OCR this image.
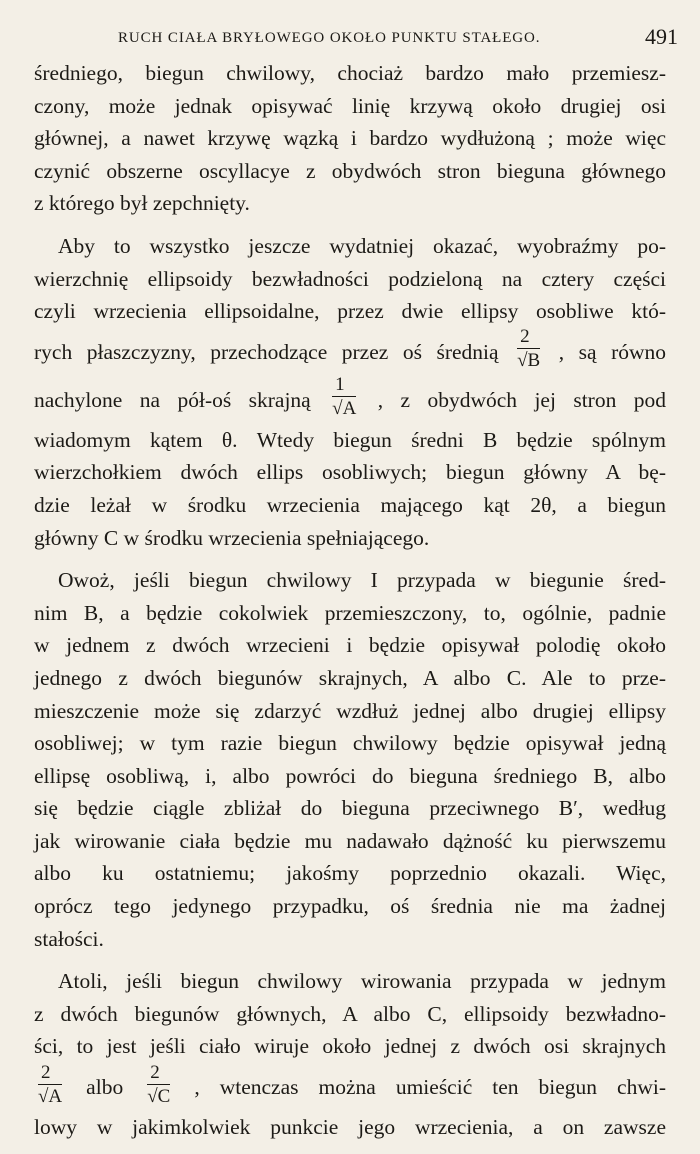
RUCH CIAŁA BRYŁOWEGO OKOŁO PUNKTU STAŁEGO.	491
średniego, biegun chwilowy, chociaż bardzo mało przemiesz-
czony, może jednak opisywać linię krzywą około drugiej osi
głównej, a nawet krzywę wązką i bardzo wydłużoną ; może więc
czynić obszerne oscyllacye z obydwóch stron bieguna głównego
z którego był zepchnięty.
Aby to wszystko jeszcze wydatniej okazać, wyobraźmy po-
wierzchnię ellipsoidy bezwładności podzieloną na cztery części
czyli wrzecienia ellipsoidalne, przez dwie ellipsy osobliwe któ-
rych płaszczyzny, przechodzące przez oś średnią $\frac{2}{√B}$ , są równo
nachylone na pół-oś skrajną $\frac{1}{√A}$ , z obydwóch jej stron pod
wiadomym kątem θ. Wtedy biegun średni B będzie spólnym
wierzchołkiem dwóch ellips osobliwych; biegun główny A bę-
dzie leżał w środku wrzecienia mającego kąt 2θ, a biegun
główny C w środku wrzecienia spełniającego.
Owoż, jeśli biegun chwilowy I przypada w biegunie śred-
nim B, a będzie cokolwiek przemieszczony, to, ogólnie, padnie
w jednem z dwóch wrzecieni i będzie opisywał polodię około
jednego z dwóch biegunów skrajnych, A albo C. Ale to prze-
mieszczenie może się zdarzyć wzdłuż jednej albo drugiej ellipsy
osobliwej; w tym razie biegun chwilowy będzie opisywał jedną
ellipsę osobliwą, i, albo powróci do bieguna średniego B, albo
się będzie ciągle zbliżał do bieguna przeciwnego B′, według
jak wirowanie ciała będzie mu nadawało dążność ku pierwszemu
albo ku ostatniemu; jakośmy poprzednio okazali. Więc,
oprócz tego jedynego przypadku, oś średnia nie ma żadnej
stałości.
Atoli, jeśli biegun chwilowy wirowania przypada w jednym
z dwóch biegunów głównych, A albo C, ellipsoidy bezwładno-
ści, to jest jeśli ciało wiruje około jednej z dwóch osi skrajnych
$\frac{2}{√A}$ albo $\frac{2}{√C}$ , wtenczas można umieścić ten biegun chwi-
lowy w jakimkolwiek punkcie jego wrzecienia, a on zawsze
